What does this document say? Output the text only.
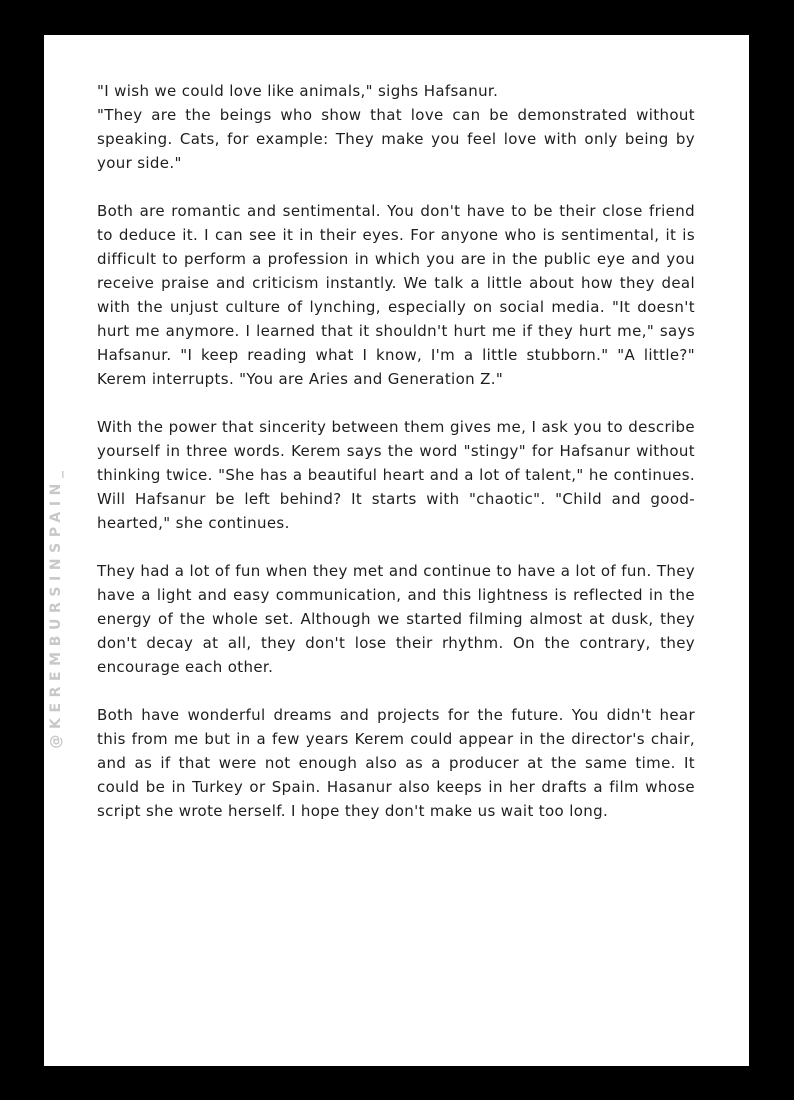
"I wish we could love like animals," sighs Hafsanur.
"They are the beings who show that love can be demonstrated without speaking. Cats, for example: They make you feel love with only being by your side."

Both are romantic and sentimental. You don't have to be their close friend to deduce it. I can see it in their eyes. For anyone who is sentimental, it is difficult to perform a profession in which you are in the public eye and you receive praise and criticism instantly. We talk a little about how they deal with the unjust culture of lynching, especially on social media. "It doesn't hurt me anymore. I learned that it shouldn't hurt me if they hurt me," says Hafsanur. "I keep reading what I know, I'm a little stubborn." "A little?" Kerem interrupts. "You are Aries and Generation Z."

With the power that sincerity between them gives me, I ask you to describe yourself in three words. Kerem says the word "stingy" for Hafsanur without thinking twice. "She has a beautiful heart and a lot of talent," he continues. Will Hafsanur be left behind? It starts with "chaotic". "Child and good-hearted," she continues.

They had a lot of fun when they met and continue to have a lot of fun. They have a light and easy communication, and this lightness is reflected in the energy of the whole set. Although we started filming almost at dusk, they don't decay at all, they don't lose their rhythm. On the contrary, they encourage each other.

Both have wonderful dreams and projects for the future. You didn't hear this from me but in a few years Kerem could appear in the director's chair, and as if that were not enough also as a producer at the same time. It could be in Turkey or Spain. Hasanur also keeps in her drafts a film whose script she wrote herself. I hope they don't make us wait too long.

@KEREMBURSINSPAIN_
